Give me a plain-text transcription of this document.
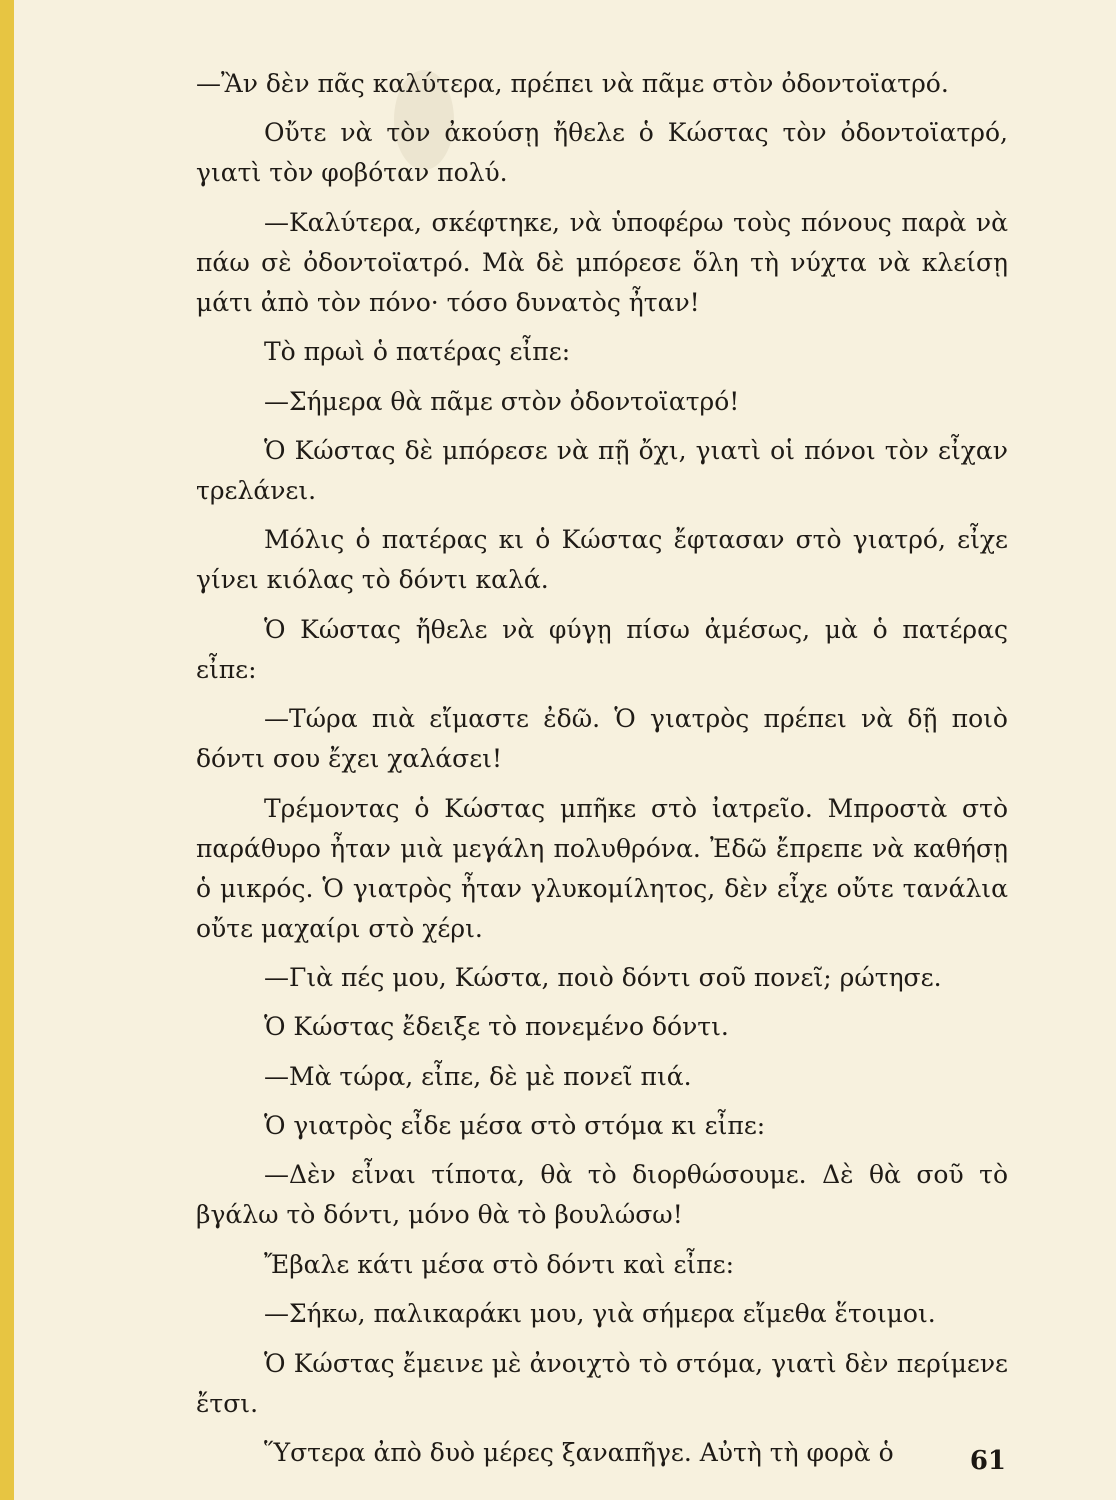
—Ἂν δὲν πᾶς καλύτερα, πρέπει νὰ πᾶμε στὸν ὀδοντοϊατρό.

Οὔτε νὰ τὸν ἀκούσῃ ἤθελε ὁ Κώστας τὸν ὀδοντοϊατρό, γιατὶ τὸν φοβόταν πολύ.

—Καλύτερα, σκέφτηκε, νὰ ὑποφέρω τοὺς πόνους παρὰ νὰ πάω σὲ ὀδοντοϊατρό. Μὰ δὲ μπόρεσε ὅλη τὴ νύχτα νὰ κλείσῃ μάτι ἀπὸ τὸν πόνο· τόσο δυνατὸς ἦταν!

Τὸ πρωὶ ὁ πατέρας εἶπε:

—Σήμερα θὰ πᾶμε στὸν ὀδοντοϊατρό!

Ὁ Κώστας δὲ μπόρεσε νὰ πῇ ὄχι, γιατὶ οἱ πόνοι τὸν εἶχαν τρελάνει.

Μόλις ὁ πατέρας κι ὁ Κώστας ἔφτασαν στὸ γιατρό, εἶχε γίνει κιόλας τὸ δόντι καλά.

Ὁ Κώστας ἤθελε νὰ φύγῃ πίσω ἀμέσως, μὰ ὁ πατέρας εἶπε:

—Τώρα πιὰ εἴμαστε ἐδῶ. Ὁ γιατρὸς πρέπει νὰ δῇ ποιὸ δόντι σου ἔχει χαλάσει!

Τρέμοντας ὁ Κώστας μπῆκε στὸ ἰατρεῖο. Μπροστὰ στὸ παράθυρο ἦταν μιὰ μεγάλη πολυθρόνα. Ἐδῶ ἔπρεπε νὰ καθήσῃ ὁ μικρός. Ὁ γιατρὸς ἦταν γλυκομίλητος, δὲν εἶχε οὔτε τανάλια οὔτε μαχαίρι στὸ χέρι.

—Γιὰ πές μου, Κώστα, ποιὸ δόντι σοῦ πονεῖ; ρώτησε.

Ὁ Κώστας ἔδειξε τὸ πονεμένο δόντι.

—Μὰ τώρα, εἶπε, δὲ μὲ πονεῖ πιά.

Ὁ γιατρὸς εἶδε μέσα στὸ στόμα κι εἶπε:

—Δὲν εἶναι τίποτα, θὰ τὸ διορθώσουμε. Δὲ θὰ σοῦ τὸ βγάλω τὸ δόντι, μόνο θὰ τὸ βουλώσω!

Ἔβαλε κάτι μέσα στὸ δόντι καὶ εἶπε:

—Σήκω, παλικαράκι μου, γιὰ σήμερα εἴμεθα ἕτοιμοι.

Ὁ Κώστας ἔμεινε μὲ ἀνοιχτὸ τὸ στόμα, γιατὶ δὲν περίμενε ἔτσι.

Ὕστερα ἀπὸ δυὸ μέρες ξαναπῆγε. Αὐτὴ τὴ φορὰ ὁ	61
